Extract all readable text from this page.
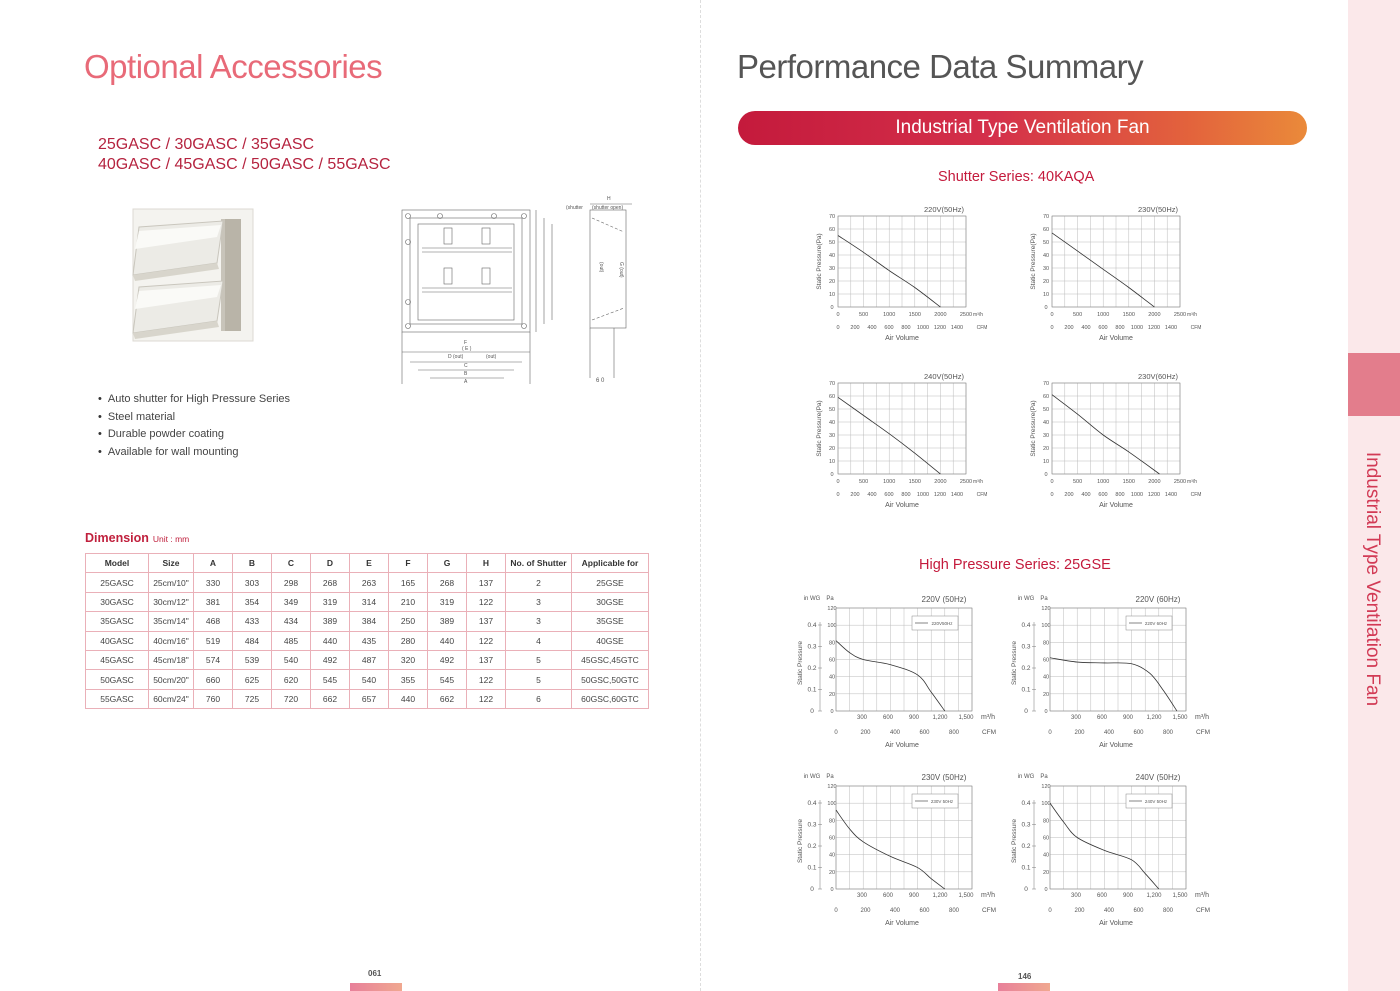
Optional Accessories
25GASC / 30GASC / 35GASC
40GASC / 45GASC / 50GASC / 55GASC
(shutter (shutter open)
D (out)	(out)
F
( E )
C
B
A
H
6 0
(out)	G (out)
• Auto shutter for High Pressure Series
• Steel material
• Durable powder coating
• Available for wall mounting
Dimension Unit : mm
Model	Size	A	B	C	D	E	F	G	H	No. of Shutter	Applicable for
25GASC	25cm/10"	330	303	298	268	263	165	268	137	2	25GSE
30GASC	30cm/12"	381	354	349	319	314	210	319	122	3	30GSE
35GASC	35cm/14"	468	433	434	389	384	250	389	137	3	35GSE
40GASC	40cm/16"	519	484	485	440	435	280	440	122	4	40GSE
45GASC	45cm/18"	574	539	540	492	487	320	492	137	5	45GSC,45GTC
50GASC	50cm/20"	660	625	620	545	540	355	545	122	5	50GSC,50GTC
55GASC	60cm/24"	760	725	720	662	657	440	662	122	6	60GSC,60GTC
061
Performance Data Summary
Industrial Type Ventilation Fan
Shutter Series: 40KAQA
High Pressure Series: 25GSE
0
10
20
30
40
50
60
70
220V(50Hz)
Static Pressure(Pa)
0	500	1000 1500 2000 2500 m³/h
0 200 400 600 800 1000 1200 1400	CFM
Air Volume
0
10
20
30
40
50
60
70
230V(50Hz)
Static Pressure(Pa)
0	500	1000 1500 2000 2500 m³/h
0 200 400 600 800 1000 1200 1400	CFM
Air Volume
0
10
20
30
40
50
60
70
240V(50Hz)
Static Pressure(Pa)
0	500	1000 1500 2000 2500 m³/h
0 200 400 600 800 1000 1200 1400	CFM
Air Volume
0
10
20
30
40
50
60
70
230V(60Hz)
Static Pressure(Pa)
0	500	1000 1500 2000 2500 m³/h
0 200 400 600 800 1000 1200 1400	CFM
Air Volume
0
20
40
60
80
100
120
0
0.1
0.2
0.3
0.4
in WG Pa
Static Pressure
220V (50Hz)
220V50Hz
300	600	900 1,200 1,500 m³/h
0	200	400	600	800	CFM
Air Volume
0
20
40
60
80
100
120
0
0.1
0.2
0.3
0.4
in WG Pa
Static Pressure
220V (60Hz)
220V 60Hz
300	600	900 1,200 1,500 m³/h
0	200	400	600	800	CFM
Air Volume
0
20
40
60
80
100
120
0
0.1
0.2
0.3
0.4
in WG Pa
Static Pressure
230V (50Hz)
230V 50Hz
300	600	900 1,200 1,500 m³/h
0	200	400	600	800	CFM
Air Volume
0
20
40
60
80
100
120
0
0.1
0.2
0.3
0.4
in WG Pa
Static Pressure
240V (50Hz)
240V 50Hz
300	600	900 1,200 1,500 m³/h
0	200	400	600	800	CFM
Air Volume
146
Industrial Type Ventilation Fan
